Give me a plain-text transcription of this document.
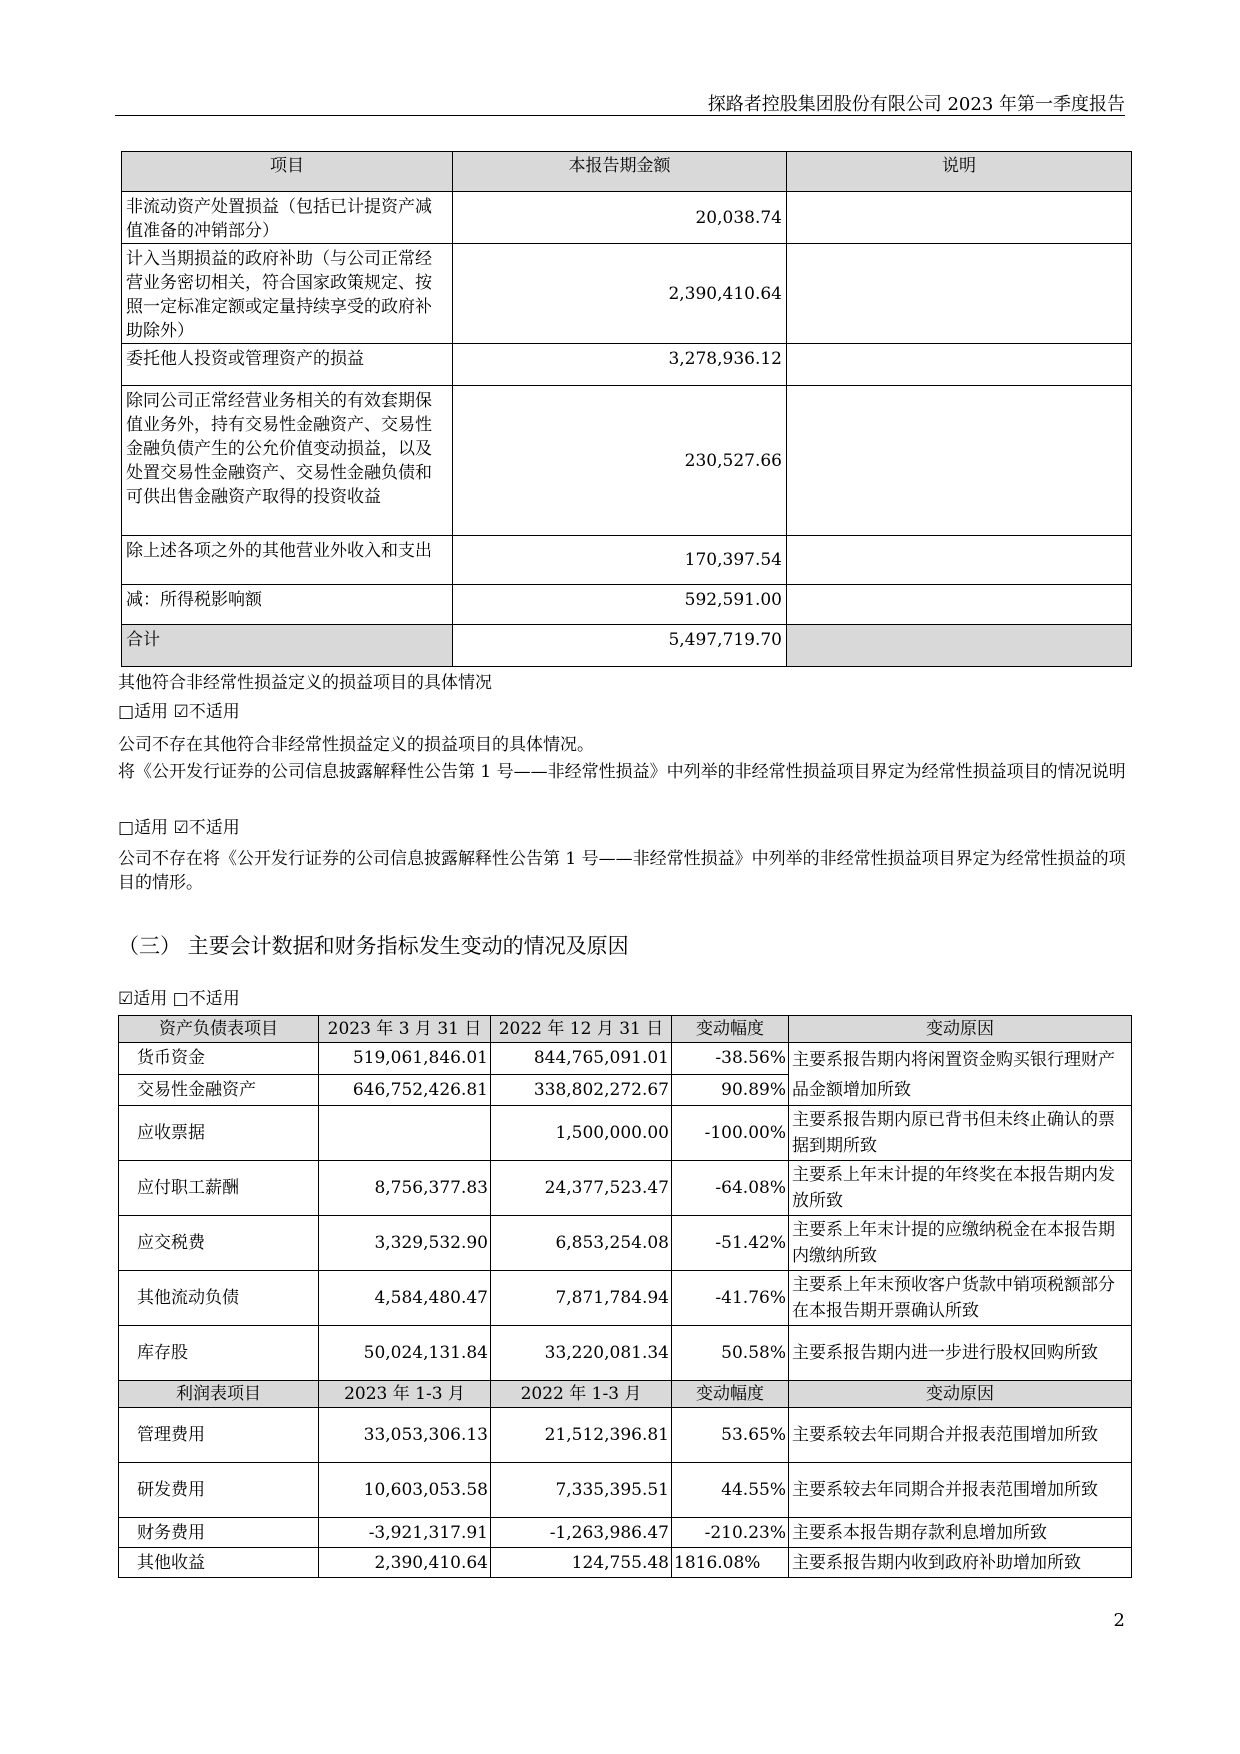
探路者控股集团股份有限公司 2023 年第一季度报告
项目	本报告期金额	说明
非流动资产处置损益（包括已计提资产减值准备的冲销部分）	20,038.74	
计入当期损益的政府补助（与公司正常经营业务密切相关，符合国家政策规定、按照一定标准定额或定量持续享受的政府补助除外）	2,390,410.64	
委托他人投资或管理资产的损益	3,278,936.12	
除同公司正常经营业务相关的有效套期保值业务外，持有交易性金融资产、交易性金融负债产生的公允价值变动损益，以及处置交易性金融资产、交易性金融负债和可供出售金融资产取得的投资收益	230,527.66	
除上述各项之外的其他营业外收入和支出	170,397.54	
减：所得税影响额	592,591.00	
合计	5,497,719.70	
其他符合非经常性损益定义的损益项目的具体情况
□适用 ☑不适用
公司不存在其他符合非经常性损益定义的损益项目的具体情况。
将《公开发行证券的公司信息披露解释性公告第 1 号——非经常性损益》中列举的非经常性损益项目界定为经常性损益项目的情况说明
□适用 ☑不适用
公司不存在将《公开发行证券的公司信息披露解释性公告第 1 号——非经常性损益》中列举的非经常性损益项目界定为经常性损益的项目的情形。
（三） 主要会计数据和财务指标发生变动的情况及原因
☑适用 □不适用
资产负债表项目	2023 年 3 月 31 日	2022 年 12 月 31 日	变动幅度	变动原因
货币资金	519,061,846.01	844,765,091.01	-38.56%	主要系报告期内将闲置资金购买银行理财产品金额增加所致
交易性金融资产	646,752,426.81	338,802,272.67	90.89%	
应收票据		1,500,000.00	-100.00%	主要系报告期内原已背书但未终止确认的票据到期所致
应付职工薪酬	8,756,377.83	24,377,523.47	-64.08%	主要系上年末计提的年终奖在本报告期内发放所致
应交税费	3,329,532.90	6,853,254.08	-51.42%	主要系上年末计提的应缴纳税金在本报告期内缴纳所致
其他流动负债	4,584,480.47	7,871,784.94	-41.76%	主要系上年末预收客户货款中销项税额部分在本报告期开票确认所致
库存股	50,024,131.84	33,220,081.34	50.58%	主要系报告期内进一步进行股权回购所致
利润表项目	2023 年 1-3 月	2022 年 1-3 月	变动幅度	变动原因
管理费用	33,053,306.13	21,512,396.81	53.65%	主要系较去年同期合并报表范围增加所致
研发费用	10,603,053.58	7,335,395.51	44.55%	主要系较去年同期合并报表范围增加所致
财务费用	-3,921,317.91	-1,263,986.47	-210.23%	主要系本报告期存款利息增加所致
其他收益	2,390,410.64	124,755.48	1816.08%	主要系报告期内收到政府补助增加所致
2
